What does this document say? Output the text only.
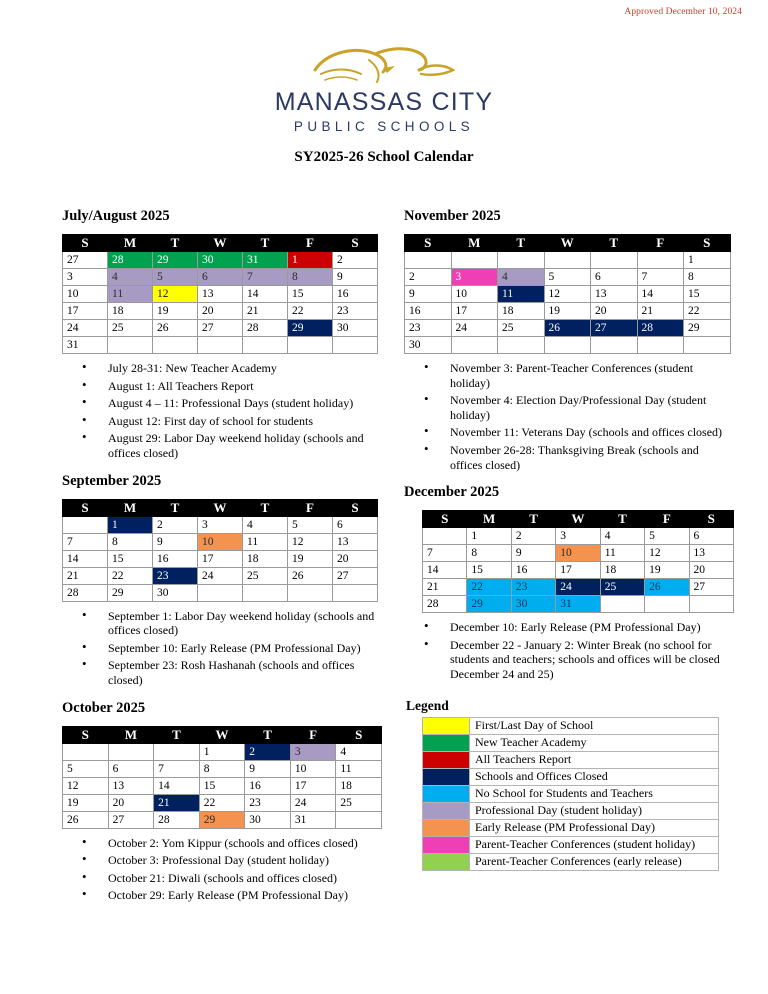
Approved December 10, 2024
MANASSAS CITY
PUBLIC SCHOOLS
SY2025-26 School Calendar
July/August 2025
S	M	T	W	T	F	S
27	28	29	30	31	1	2
3	4	5	6	7	8	9
10	11	12	13	14	15	16
17	18	19	20	21	22	23
24	25	26	27	28	29	30
31						
• July 28-31: New Teacher Academy
• August 1: All Teachers Report
• August 4 – 11: Professional Days (student holiday)
• August 12: First day of school for students
• August 29: Labor Day weekend holiday (schools and offices closed)
September 2025
S	M	T	W	T	F	S
	1	2	3	4	5	6
7	8	9	10	11	12	13
14	15	16	17	18	19	20
21	22	23	24	25	26	27
28	29	30				
• September 1: Labor Day weekend holiday (schools and offices closed)
• September 10: Early Release (PM Professional Day)
• September 23: Rosh Hashanah (schools and offices closed)
October 2025
S	M	T	W	T	F	S
			1	2	3	4
5	6	7	8	9	10	11
12	13	14	15	16	17	18
19	20	21	22	23	24	25
26	27	28	29	30	31	
• October 2: Yom Kippur (schools and offices closed)
• October 3: Professional Day (student holiday)
• October 21: Diwali (schools and offices closed)
• October 29: Early Release (PM Professional Day)
November 2025
S	M	T	W	T	F	S
						1
2	3	4	5	6	7	8
9	10	11	12	13	14	15
16	17	18	19	20	21	22
23	24	25	26	27	28	29
30						
• November 3: Parent-Teacher Conferences (student holiday)
• November 4: Election Day/Professional Day (student holiday)
• November 11: Veterans Day (schools and offices closed)
• November 26-28: Thanksgiving Break (schools and offices closed)
December 2025
S	M	T	W	T	F	S
	1	2	3	4	5	6
7	8	9	10	11	12	13
14	15	16	17	18	19	20
21	22	23	24	25	26	27
28	29	30	31			
• December 10: Early Release (PM Professional Day)
• December 22 - January 2: Winter Break (no school for students and teachers; schools and offices will be closed December 24 and 25)
Legend
	First/Last Day of School
	New Teacher Academy
	All Teachers Report
	Schools and Offices Closed
	No School for Students and Teachers
	Professional Day (student holiday)
	Early Release (PM Professional Day)
	Parent-Teacher Conferences (student holiday)
	Parent-Teacher Conferences (early release)
